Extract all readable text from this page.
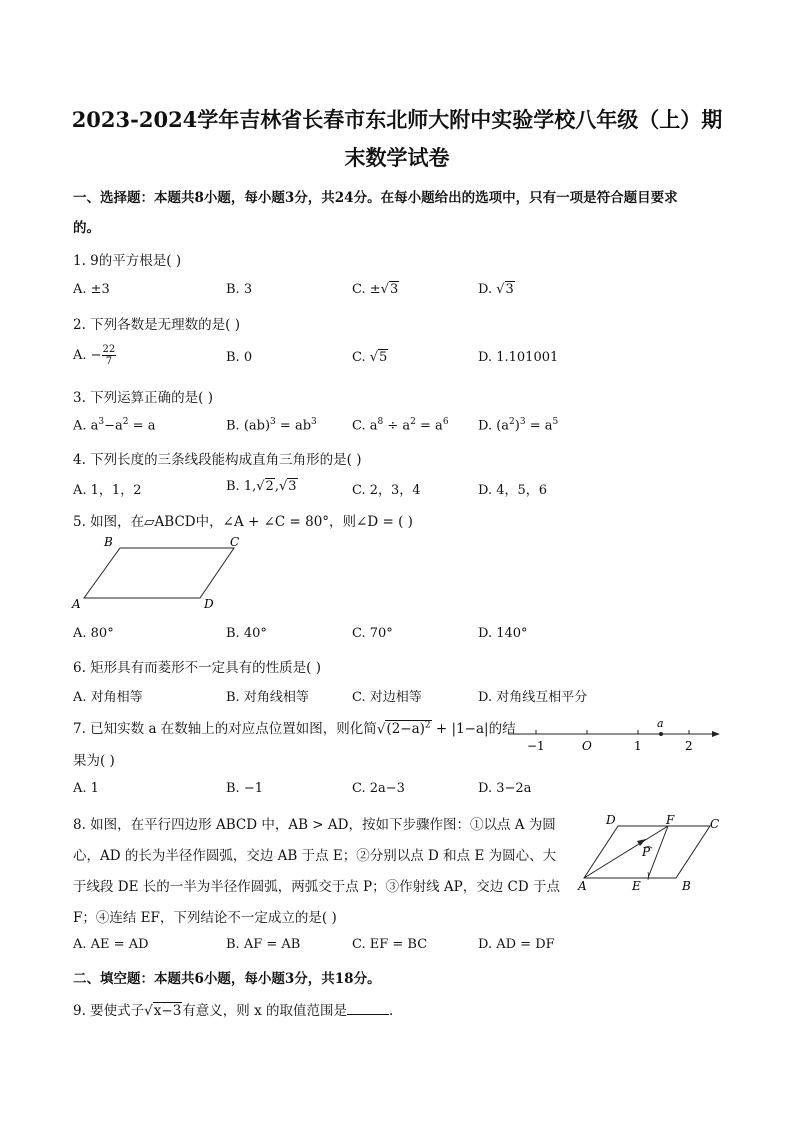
2023-2024学年吉林省长春市东北师大附中实验学校八年级（上）期
末数学试卷
一、选择题：本题共8小题，每小题3分，共24分。在每小题给出的选项中，只有一项是符合题目要求
的。
1. 9的平方根是( )
A. ±3	B. 3	C. ±√3	D. √3
2. 下列各数是无理数的是( )
A. − $\frac{22}{7}$	B. 0	C. √5	D. 1.101001
3. 下列运算正确的是( )
A. $a^3-a^2 = a$	B. $(ab)^3 = ab^3$	C. $a^8 \div a^2 = a^6$ D. $(a^2)^3 = a^5$
4. 下列长度的三条线段能构成直角三角形的是( )
A. 1，1，2	B. 1,√2,√3	C. 2，3，4	D. 4，5，6
5. 如图，在▱ABCD中，∠A + ∠C = 80°，则∠D = ( )
B	C
A	D
A. 80°	B. 40°	C. 70°	D. 140°
6. 矩形具有而菱形不一定具有的性质是( )
A. 对角相等	B. 对角线相等	C. 对边相等	D. 对角线互相平分
7. 已知实数 a 在数轴上的对应点位置如图，则化简$√(2-a)^2 + |1-a|$的结
果为( )
a
−1	O	1	2
A. 1	B. −1	C. 2a−3	D. 3−2a
8. 如图，在平行四边形 ABCD 中，AB > AD，按如下步骤作图：①以点 A 为圆
心，AD 的长为半径作圆弧，交边 AB 于点 E；②分别以点 D 和点 E 为圆心、大
于线段 DE 长的一半为半径作圆弧，两弧交于点 P；③作射线 AP，交边 CD 于点
F；④连结 EF，下列结论不一定成立的是( )
D	F	C
P
A	E	B
A. AE = AD	B. AF = AB	C. EF = BC	D. AD = DF
二、填空题：本题共6小题，每小题3分，共18分。
9. 要使式子√x−3有意义，则 x 的取值范围是	.
